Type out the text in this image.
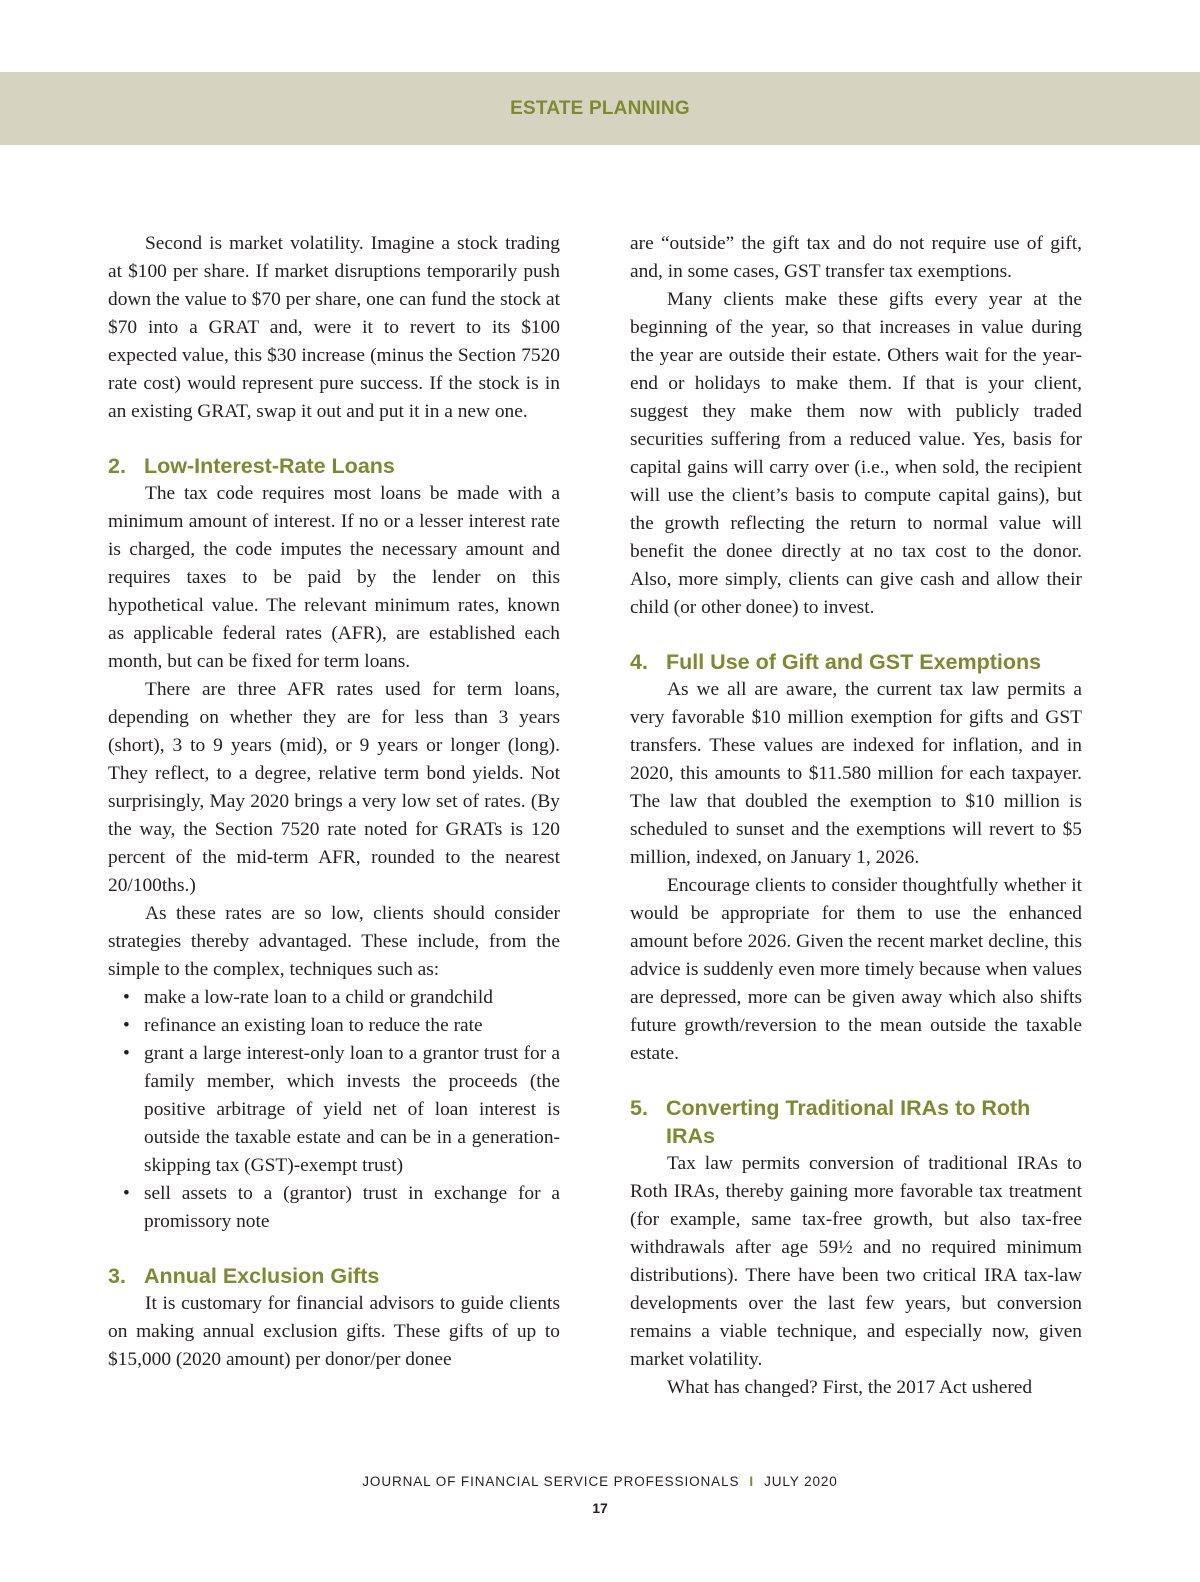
ESTATE PLANNING

Second is market volatility. Imagine a stock trading at $100 per share. If market disruptions temporarily push down the value to $70 per share, one can fund the stock at $70 into a GRAT and, were it to revert to its $100 expected value, this $30 increase (minus the Section 7520 rate cost) would represent pure success. If the stock is in an existing GRAT, swap it out and put it in a new one.

2. Low-Interest-Rate Loans

The tax code requires most loans be made with a minimum amount of interest. If no or a lesser interest rate is charged, the code imputes the necessary amount and requires taxes to be paid by the lender on this hypothetical value. The relevant minimum rates, known as applicable federal rates (AFR), are established each month, but can be fixed for term loans.

There are three AFR rates used for term loans, depending on whether they are for less than 3 years (short), 3 to 9 years (mid), or 9 years or longer (long). They reflect, to a degree, relative term bond yields. Not surprisingly, May 2020 brings a very low set of rates. (By the way, the Section 7520 rate noted for GRATs is 120 percent of the mid-term AFR, rounded to the nearest 20/100ths.)

As these rates are so low, clients should consider strategies thereby advantaged. These include, from the simple to the complex, techniques such as:

• make a low-rate loan to a child or grandchild
• refinance an existing loan to reduce the rate
• grant a large interest-only loan to a grantor trust for a family member, which invests the proceeds (the positive arbitrage of yield net of loan interest is outside the taxable estate and can be in a generation-skipping tax (GST)-exempt trust)
• sell assets to a (grantor) trust in exchange for a promissory note
3. Annual Exclusion Gifts

It is customary for financial advisors to guide clients on making annual exclusion gifts. These gifts of up to $15,000 (2020 amount) per donor/per donee

are “outside” the gift tax and do not require use of gift, and, in some cases, GST transfer tax exemptions.

Many clients make these gifts every year at the beginning of the year, so that increases in value during the year are outside their estate. Others wait for the year-end or holidays to make them. If that is your client, suggest they make them now with publicly traded securities suffering from a reduced value. Yes, basis for capital gains will carry over (i.e., when sold, the recipient will use the client’s basis to compute capital gains), but the growth reflecting the return to normal value will benefit the donee directly at no tax cost to the donor. Also, more simply, clients can give cash and allow their child (or other donee) to invest.

4. Full Use of Gift and GST Exemptions

As we all are aware, the current tax law permits a very favorable $10 million exemption for gifts and GST transfers. These values are indexed for inflation, and in 2020, this amounts to $11.580 million for each taxpayer. The law that doubled the exemption to $10 million is scheduled to sunset and the exemptions will revert to $5 million, indexed, on January 1, 2026.

Encourage clients to consider thoughtfully whether it would be appropriate for them to use the enhanced amount before 2026. Given the recent market decline, this advice is suddenly even more timely because when values are depressed, more can be given away which also shifts future growth/reversion to the mean outside the taxable estate.

5. Converting Traditional IRAs to Roth IRAs

Tax law permits conversion of traditional IRAs to Roth IRAs, thereby gaining more favorable tax treatment (for example, same tax-free growth, but also tax-free withdrawals after age 59½ and no required minimum distributions). There have been two critical IRA tax-law developments over the last few years, but conversion remains a viable technique, and especially now, given market volatility.

What has changed? First, the 2017 Act ushered

JOURNAL OF FINANCIAL SERVICE PROFESSIONALS I JULY 2020
17
